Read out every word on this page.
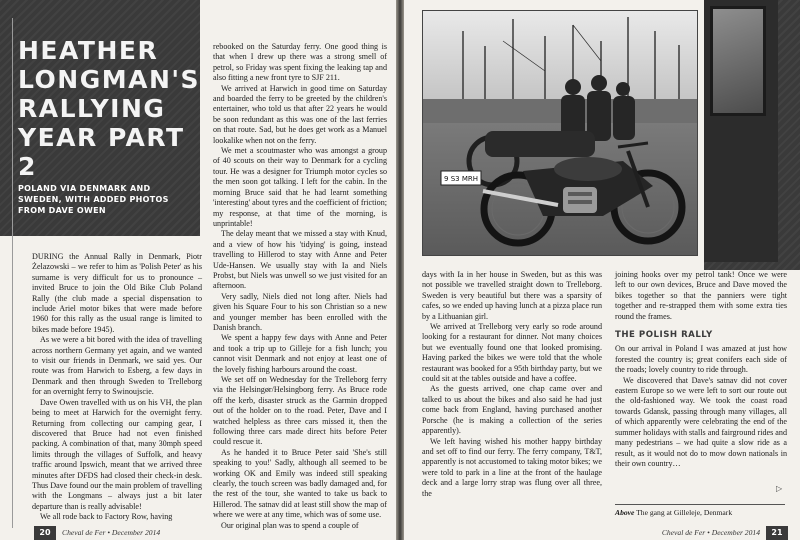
HEATHER LONGMAN'S RALLYING YEAR PART 2
POLAND VIA DENMARK AND SWEDEN, WITH ADDED PHOTOS FROM DAVE OWEN

DURING the Annual Rally in Denmark, Piotr Żelazowski – we refer to him as 'Polish Peter' as his surname is very difficult for us to pronounce – invited Bruce to join the Old Bike Club Poland Rally (the club made a special dispensation to include Ariel motor bikes that were made before 1960 for this rally as the usual range is limited to bikes made before 1945).

As we were a bit bored with the idea of travelling across northern Germany yet again, and we wanted to visit our friends in Denmark, we said yes. Our route was from Harwich to Esberg, a few days in Denmark and then through Sweden to Trelleborg for an overnight ferry to Swinoujscie.

Dave Owen travelled with us on his VH, the plan being to meet at Harwich for the overnight ferry. Returning from collecting our camping gear, I discovered that Bruce had not even finished packing. A combination of that, many 30mph speed limits through the villages of Suffolk, and heavy traffic around Ipswich, meant that we arrived three minutes after DFDS had closed their check-in desk. Thus Dave found our the main problem of travelling with the Longmans – always just a bit later departure than is really advisable!

We all rode back to Factory Row, having

rebooked on the Saturday ferry. One good thing is that when I drew up there was a strong smell of petrol, so Friday was spent fixing the leaking tap and also fitting a new front tyre to SJF 211.

We arrived at Harwich in good time on Saturday and boarded the ferry to be greeted by the children's entertainer, who told us that after 22 years he would be soon redundant as this was one of the last ferries on that route. Sad, but he does get work as a Manuel lookalike when not on the ferry.

We met a scoutmaster who was amongst a group of 40 scouts on their way to Denmark for a cycling tour. He was a designer for Triumph motor cycles so the men soon got talking. I left for the cabin. In the morning Bruce said that he had learnt something 'interesting' about tyres and the coefficient of friction; my response, at that time of the morning, is unprintable!

The delay meant that we missed a stay with Knud, and a view of how his 'tidying' is going, instead travelling to Hillerod to stay with Anne and Peter Ude-Hansen. We usually stay with Ia and Niels Probst, but Niels was unwell so we just visited for an afternoon.

Very sadly, Niels died not long after. Niels had given his Square Four to his son Christian so a new and younger member has been enrolled with the Danish branch.

We spent a happy few days with Anne and Peter and took a trip up to Gilleje for a fish lunch; you cannot visit Denmark and not enjoy at least one of the lovely fishing harbours around the coast.

We set off on Wednesday for the Trelleborg ferry via the Helsingør/Helsingborg ferry. As Bruce rode off the kerb, disaster struck as the Garmin dropped out of the holder on to the road. Peter, Dave and I watched helpless as three cars missed it, then the following three cars made direct hits before Peter could rescue it.

As he handed it to Bruce Peter said 'She's still speaking to you!' Sadly, although all seemed to be working OK and Emily was indeed still speaking clearly, the touch screen was badly damaged and, for the rest of the tour, she wanted to take us back to Hillerod. The satnav did at least still show the map of where we were at any time, which was of some use.

Our original plan was to spend a couple of

20	Cheval de Fer • December 2014
9 S3 MRH

days with Ia in her house in Sweden, but as this was not possible we travelled straight down to Trelleborg. Sweden is very beautiful but there was a sparsity of cafes, so we ended up having lunch at a pizza place run by a Lithuanian girl.

We arrived at Trelleborg very early so rode around looking for a restaurant for dinner. Not many choices but we eventually found one that looked promising. Having parked the bikes we were told that the whole restaurant was booked for a 95th birthday party, but we could sit at the tables outside and have a coffee.

As the guests arrived, one chap came over and talked to us about the bikes and also said he had just come back from England, having purchased another Porsche (he is making a collection of the series apparently).

We left having wished his mother happy birthday and set off to find our ferry. The ferry company, T&T, apparently is not accustomed to taking motor bikes; we were told to park in a line at the front of the haulage deck and a large lorry strap was flung over all three, the

joining hooks over my petrol tank! Once we were left to our own devices, Bruce and Dave moved the bikes together so that the panniers were tight together and re-strapped them with some extra ties round the frames.

THE POLISH RALLY

On our arrival in Poland I was amazed at just how forested the country is; great conifers each side of the roads; lovely country to ride through.

We discovered that Dave's satnav did not cover eastern Europe so we were left to sort our route out the old-fashioned way. We took the coast road towards Gdansk, passing through many villages, all of which apparently were celebrating the end of the summer holidays with stalls and fairground rides and many pedestrians – we had quite a slow ride as a result, as it would not do to mow down nationals in their own country…

▷
Above The gang at Gilleleje, Denmark
Cheval de Fer • December 2014	21
